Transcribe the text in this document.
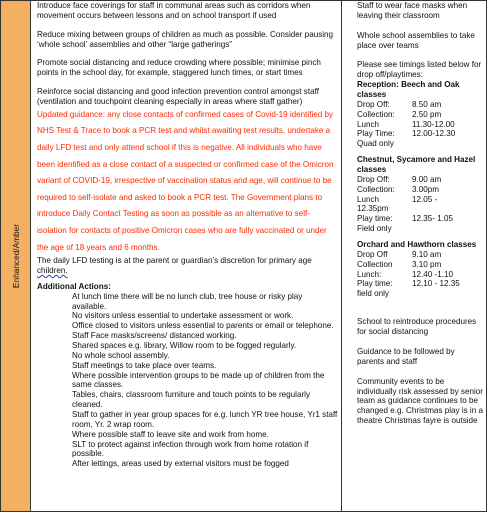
Enhanced/Amber

Introduce face coverings for staff in communal areas such as corridors when movement occurs between lessons and on school transport if used

Reduce mixing between groups of children as much as possible. Consider pausing ‘whole school’ assemblies and other “large gatherings”

Promote social distancing and reduce crowding where possible; minimise pinch points in the school day, for example, staggered lunch times, or start times

Reinforce social distancing and good infection prevention control amongst staff (ventilation and touchpoint cleaning especially in areas where staff gather)

Updated guidance: any close contacts of confirmed cases of Covid-19 identified by NHS Test & Trace to book a PCR test and whilst awaiting test results, undertake a daily LFD test and only attend school if this is negative. All individuals who have been identified as a close contact of a suspected or confirmed case of the Omicron variant of COVID-19, irrespective of vaccination status and age, will continue to be required to self-isolate and asked to book a PCR test. The Government plans to introduce Daily Contact Testing as soon as possible as an alternative to self-isolation for contacts of positive Omicron cases who are fully vaccinated or under the age of 18 years and 6 months.

The daily LFD testing is at the parent or guardian’s discretion for primary age children.

Additional Actions:

At lunch time there will be no lunch club, tree house or risky play available.

No visitors unless essential to undertake assessment or work.

Office closed to visitors unless essential to parents or email or telephone.

Staff Face masks/screens/ distanced working.

Shared spaces e.g. library, Willow room to be fogged regularly.

No whole school assembly.

Staff meetings to take place over teams.

Where possible intervention groups to be made up of children from the same classes.

Tables, chairs, classroom furniture and touch points to be regularly cleaned.

Staff to gather in year group spaces for e.g. lunch YR tree house, Yr1 staff room, Yr. 2 wrap room.

Where possible staff to leave site and work from home.

SLT to protect against infection through work from home rotation if possible.

After lettings, areas used by external visitors must be fogged

Staff to wear face masks when leaving their classroom

Whole school assemblies to take place over teams

Please see timings listed below for drop off/playtimes:

Reception: Beech and Oak classes

Drop Off:	8.50 am
Collection:	2.50 pm
Lunch	11.30-12.00
Play Time:	12.00-12.30

Quad only

Chestnut, Sycamore and Hazel classes

Drop Off:	9.00 am
Collection:	3.00pm
Lunch	12.05 -

12.35pm

Play time:	12.35- 1.05

Field only

Orchard and Hawthorn classes

Drop Off	9.10 am
Collection	3.10 pm
Lunch:	12.40 -1.10
Play time:	12.10 - 12.35

field only

School to reintroduce procedures for social distancing

Guidance to be followed by parents and staff

Community events to be individually risk assessed by senior team as guidance continues to be changed e.g. Christmas play is in a theatre Christmas fayre is outside
